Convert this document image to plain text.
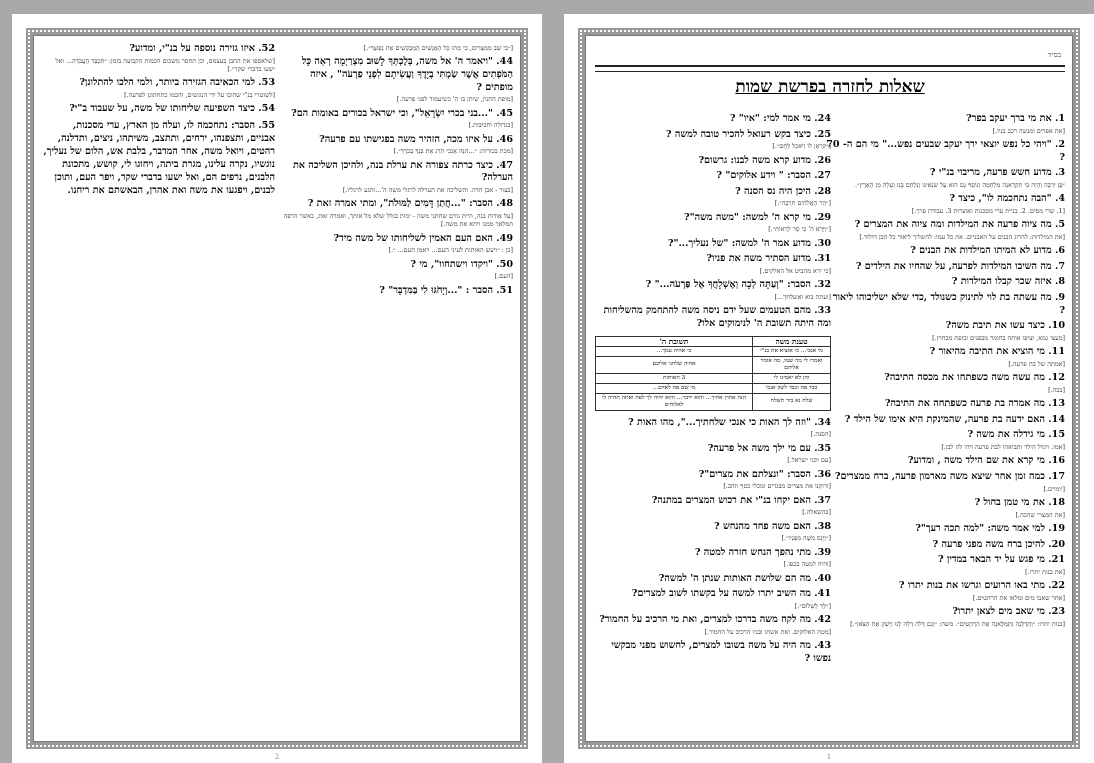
[״כִּי שָׁב מִמִּצְרַיִם, כִּי מֵתוּ כָּל הָאֲנָשִׁים הַמְבַקְשִׁים אֶת נַפְשֶׁךָ״.]

44. "ויאמר ה' אל משה, בְּלֶכְתְּךָ לָשׁוּב מִצְרַיְמָה רְאֵה כָּל הַמֹּפְתִים אֲשֶׁר שַׂמְתִּי בְיָדֶךָ וַעֲשִׂיתָם לִפְנֵי פַרְעֹה" , איזה מופתים ?

[מופת התנין, שיתן בו ה' כשיעמוד לפני פרעה.]

45. "...בני בכרי יִשְׂרָאֵל", וכי ישראל בכורים באומות הם?

[בגדולה וחביבות.]

46. על איזו מכה, הזהיר משה בפגישתו עם פרעה?

[מכת בכורות: ״...הִנֵּה אָנֹכִי הֹרֵג אֶת בִּנְךָ בְּכֹרֶךָ״.]

47. כיצד כרתה צפורה את ערלת בנה, ולהיכן השליכה את הערלה?

[בצור - אבן חדה. והשליכה את הערלה לרגלי משה ה'...ותגע לרגליו.]

48. הסבר: "...חֲתַן דָּמִים לַמּוּלֹת", ומתי אמרה זאת ?

[על אודות בנה, היית גורם שחתני משה - ימות בגלל שלא מל אותך, ואמרה זאת, כאשר הרפה המלאך ממנו ויחא את משה.]

49. האם העם האמין לשליחותו של משה מיד?

[כן : ״ויעש האותות לעיני העם... ויאמן העם... ״.]

50. "ויקדו וישתחוו", מי ?

[העם.]

51. הסבר : "...וְיָחֹגּוּ לִי בַּמִּדְבָּר" ?

52. איזו גזירה נוספה על בנ"י, ומדוע?

[שלאספו את התבן בעצמם, וכן תחסר משכום הכמות הקבועה בזמן: ״תִּכְבַּד הָעֲבֹדָה... ואל ישעו בדברי שקר״.]

53. למי הכאיבה הגזירה ביותר, ולמי הלכו להתלונן?

[לשוטרי בנ"י שהוכו על ידי הנוגשים, והכמו כתחתונן לפרעה.]

54. כיצד השפיעה שליחותו של משה, על שעבוד ב"י?

55. הסבר: נתחכמה לו, ועלה מן הארץ, ערי מסכנות, אבניים, ותצפנהו, ירחים, ותתצב, משיתהו, ניצים, ותדלנה, רהטים, ויואל משה, אחר המדבר, בלבת אש, הלום של נעליך, נוגשיו, נקרה עלינו, מגרת ביתה, ויחוגו לי, קושש, מתכונת הלבנים, נרפים הם, ואל ישעו בדברי שקר, ויפר העם, ותוכן לבנים, ויפגעו את משה ואת אהרן, הבאשתם את ריחנו.

2
בס״ד
שאלות לחזרה בפרשת שמות

1. את מי ברך יעקב בפר?

[את אפרים ומנשה רכב בניו.]

2. "ויהי כל נפש יוצאי ירך יעקב שבעים נפש..." מי הם ה- 70 ?

3. מדוע חשש פרעה, מריבוי בנ"י ?

״פֶּן יִרְבֶּה וְהָיָה כִּי תִקְרֶאנָה מִלְחָמָה וְנוֹסַף גַּם הוּא עַל שֹׂנְאֵינוּ וְנִלְחַם בָּנוּ וְעָלָה מִן הָאָרֶץ״.

4. "הבה נתחכמה לו", כיצד ?

[1. שרי מסים. 2. בניית ערי מסכנות ואוצרות 3. עבודת פרך.]

5. מה ציוה פרעה את המילדות ומה ציוה את המצרים ?

[את המילדות: להרוג הבנים על האבניים. את כל עמו: להשליך ליאור כל הבן הילוד.]

6. מדוע לא המיתו המילדות את הבנים ?

7. מה השיבו המילדות לפרעה, על שהחיו את הילדים ?

8. איזה שכר קבלו המילדות ?

9. מה עשתה בת לוי לתינוק כשנולד ,כדי שלא ישליכוהו ליאור ?

10. כיצד עשו את תיבת משה?

[מעצי גמא, וציפו אותה בחומר מבפנים ובזפת מבחוץ.]

11. מי הוציא את התיבה מהיאור ?

[אמתה של בת פרעה.]

12. מה עשה משה כשפתחו את מכסה התיבה?

[בכה.]

13. מה אמרה בת פרעה כשפתחה את התיבה?

14. האם ידעה בת פרעה, שהמינקת היא אימו של הילד ?

15. מי גידלה את משה ?

[אמו. ויגדל הילד ותביאהו לבת פרעה ויהי לה לבן.]

16. מי קרא את שם הילד משה , ומדוע?

17. כמה זמן אחר שיצא משה מארמון פרעה, ברח ממצרים?

[יומיים.]

18. את מי טמן בחול ?

[את המצרי שהכה.]

19. למי אמר משה: "למה תכה רעך"?

20. להיכן ברח משה מפני פרעה ?

21. מי פגש על יד הבאר במדין ?

[את בנות יתרו.]

22. מתי באו הרועים וגרשו את בנות יתרו ?

[אחר שאבו מים ומלאו את הרהטים.]

23. מי שאב מים לצאן יתרו?

[בנות יתרו: ״וַתִּדְלֶנָה וַתְּמַלֶּאנָה אֶת הָרְהָטִים״. משה: ״וְגַם דָּלֹה דָלָה לָנוּ וַיַּשְׁקְ אֶת הַצֹּאן״.]

24. מי אמר למי: "איו" ?

25. כיצד בקש רעואל להכיר טובה למשה ?

[״קִרְאֶן לוֹ וְיֹאכַל לָחֶם״.]

26. מדוע קרא משה לבנו: גרשום?

27. הסבר: " וידע אלוקים" ?

28. היכן היה נס הסנה ?

[״הַר הָאֱלֹהִים חֹרֵבָה״.]

29. מי קרא ה' למשה: "משה משה"?

[״וַיַּרְא ה' כִּי סָר לִרְאוֹת״.]

30. מדוע אמר ה' למשה: "של נעליך..."?

31. מדוע הסתיר משה את פניו?

[כי ירא מהביט אל האלקים.]

32. הסבר: "וְעַתָּה לְכָה וְאֶשְׁלָחֲךָ אֶל פַּרְעֹה..." ?

[ועתה בוא ואשלחך...]

33. מהם הטעמים שעל ידם ניסה משה להתחמק מהשליחות ומה היתה תשובת ה' לנימוקים אלו?

טענת משה	תשובת ה'
מי אנכי... כי אוציא את בנ"י	כי אהיה עמך...
ואמרו לי מה שמו, מה אומר אליהם	אהיה שלחני אליכם
והן לא יאמינו לי	3 האותות
כבד פה וכבד לשון אנכי	מי שם פה לאדם...
שלח נא ביד תשלח	הנה אהרן אחיך... והוא ידבר... והוא יהיה לך לפה ואתה תהיה לו לאלוהים

34. "וזה לך האות כי אנכי שלחתיך...", מהו האות ?

[הסנה.]

35. עם מי ילך משה אל פרעה?

[עם זקני ישראל.]

36. הסבר: "ונצלתם את מצרים"?

[ורוקנו את מצרים מבגדים ומכלי כסף וזהב.]

37. האם יקחו בנ"י את רכוש המצרים במתנה?

[בהשאלה.]

38. האם משה פחד מהנחש ?

[״וַיָּנָס מֹשֶׁה מִפָּנָיו״.]

39. מתי נהפך הנחש חזרה למטה ?

[והיה למטה בכפו.]

40. מה הם שלושת האותות שנתן ה' למשה?

41. מה השיב יתרו למשה על בקשתו לשוב למצרים?

[״לֵךְ לְשָׁלוֹם״.]

42. מה לקח משה בדרכו למצרים, ואת מי הרכיב על החמור?

[מטה האלוקים. ואת אשתו ובניו הרכיב על החמור.]

43. מה היה על משה בשובו למצרים, לחשוש מפני מבקשי נפשו ?

1
